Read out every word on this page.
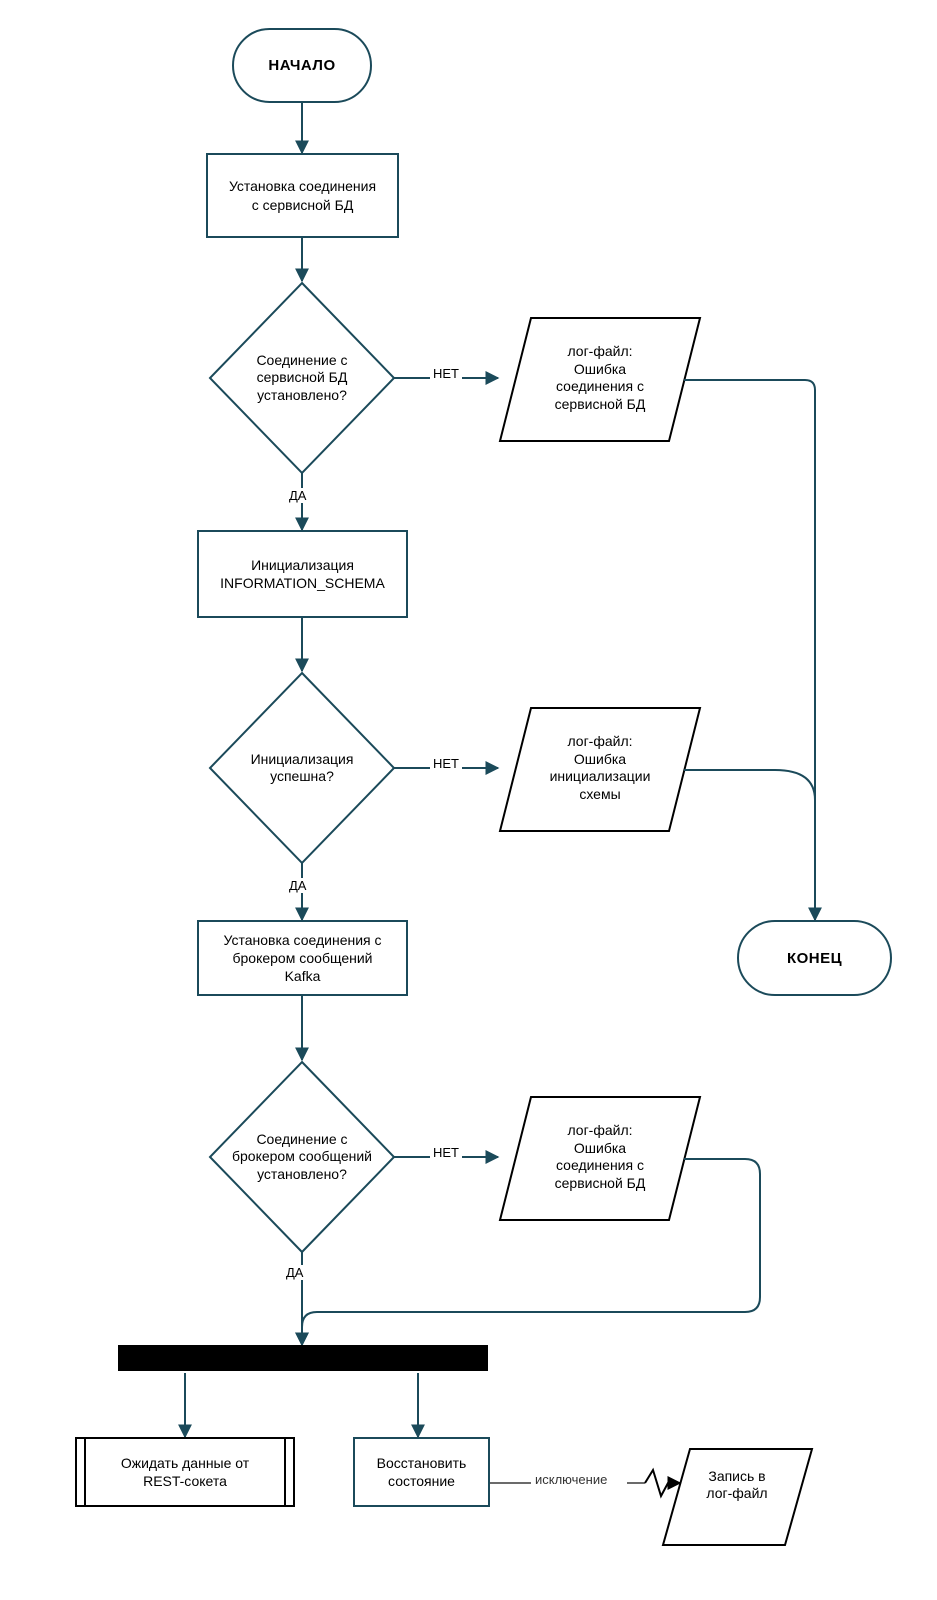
НАЧАЛО
Установка соединения
с сервисной БД
Соединение с
сервисной БД
установлено?
лог-файл:
Ошибка
соединения с
сервисной БД
Инициализация
INFORMATION_SCHEMA
Инициализация
успешна?
лог-файл:
Ошибка
инициализации
схемы
Установка соединения с
брокером сообщений
Kafka
Соединение с
брокером сообщений
установлено?
лог-файл:
Ошибка
соединения с
сервисной БД
КОНЕЦ
Ожидать данные от
REST-сокета
Восстановить
состояние	Запись в
лог-файл
НЕТ
ДА
НЕТ
ДА
НЕТ
ДА
исключение
